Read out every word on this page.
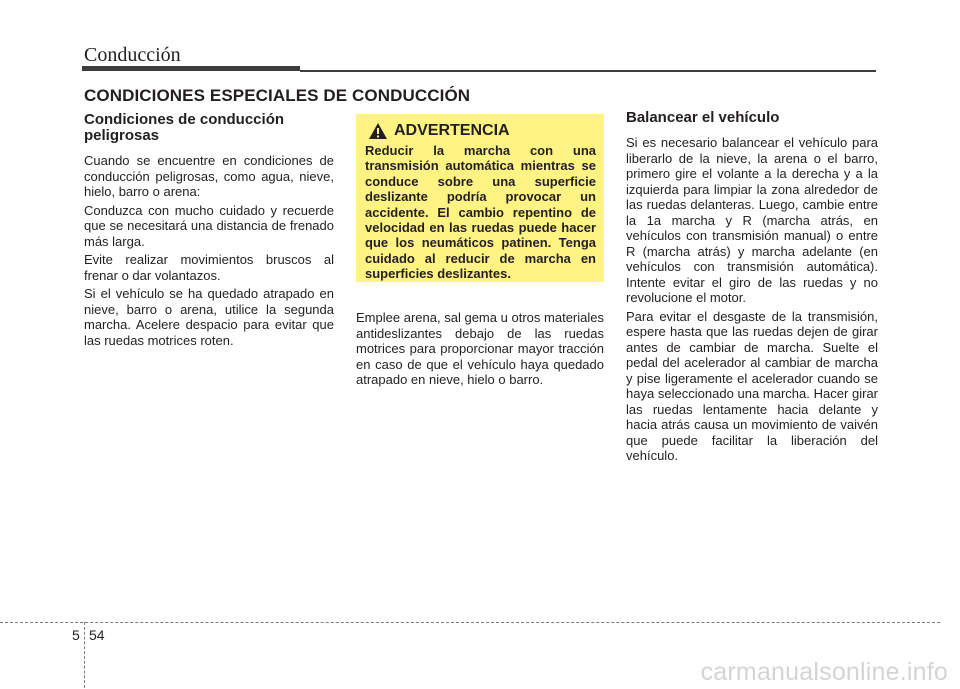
Conducción
CONDICIONES ESPECIALES DE CONDUCCIÓN
Condiciones de conducción peligrosas

Cuando se encuentre en condiciones de conducción peligrosas, como agua, nieve, hielo, barro o arena:

Conduzca con mucho cuidado y recuerde que se necesitará una distancia de frenado más larga.

Evite realizar movimientos bruscos al frenar o dar volantazos.

Si el vehículo se ha quedado atrapado en nieve, barro o arena, utilice la segunda marcha. Acelere despacio para evitar que las ruedas motrices roten.

ADVERTENCIA

Reducir la marcha con una transmisión automática mientras se conduce sobre una superficie deslizante podría provocar un accidente. El cambio repentino de velocidad en las ruedas puede hacer que los neumáticos patinen. Tenga cuidado al reducir de marcha en superficies deslizantes.

Emplee arena, sal gema u otros materiales antideslizantes debajo de las ruedas motrices para proporcionar mayor tracción en caso de que el vehículo haya quedado atrapado en nieve, hielo o barro.

Balancear el vehículo

Si es necesario balancear el vehículo para liberarlo de la nieve, la arena o el barro, primero gire el volante a la derecha y a la izquierda para limpiar la zona alrededor de las ruedas delanteras. Luego, cambie entre la 1a marcha y R (marcha atrás, en vehículos con transmisión manual) o entre R (marcha atrás) y marcha adelante (en vehículos con transmisión automática). Intente evitar el giro de las ruedas y no revolucione el motor.

Para evitar el desgaste de la transmisión, espere hasta que las ruedas dejen de girar antes de cambiar de marcha. Suelte el pedal del acelerador al cambiar de marcha y pise ligeramente el acelerador cuando se haya seleccionado una marcha. Hacer girar las ruedas lentamente hacia delante y hacia atrás causa un movimiento de vaivén que puede facilitar la liberación del vehículo.

5 54
carmanualsonline.info
